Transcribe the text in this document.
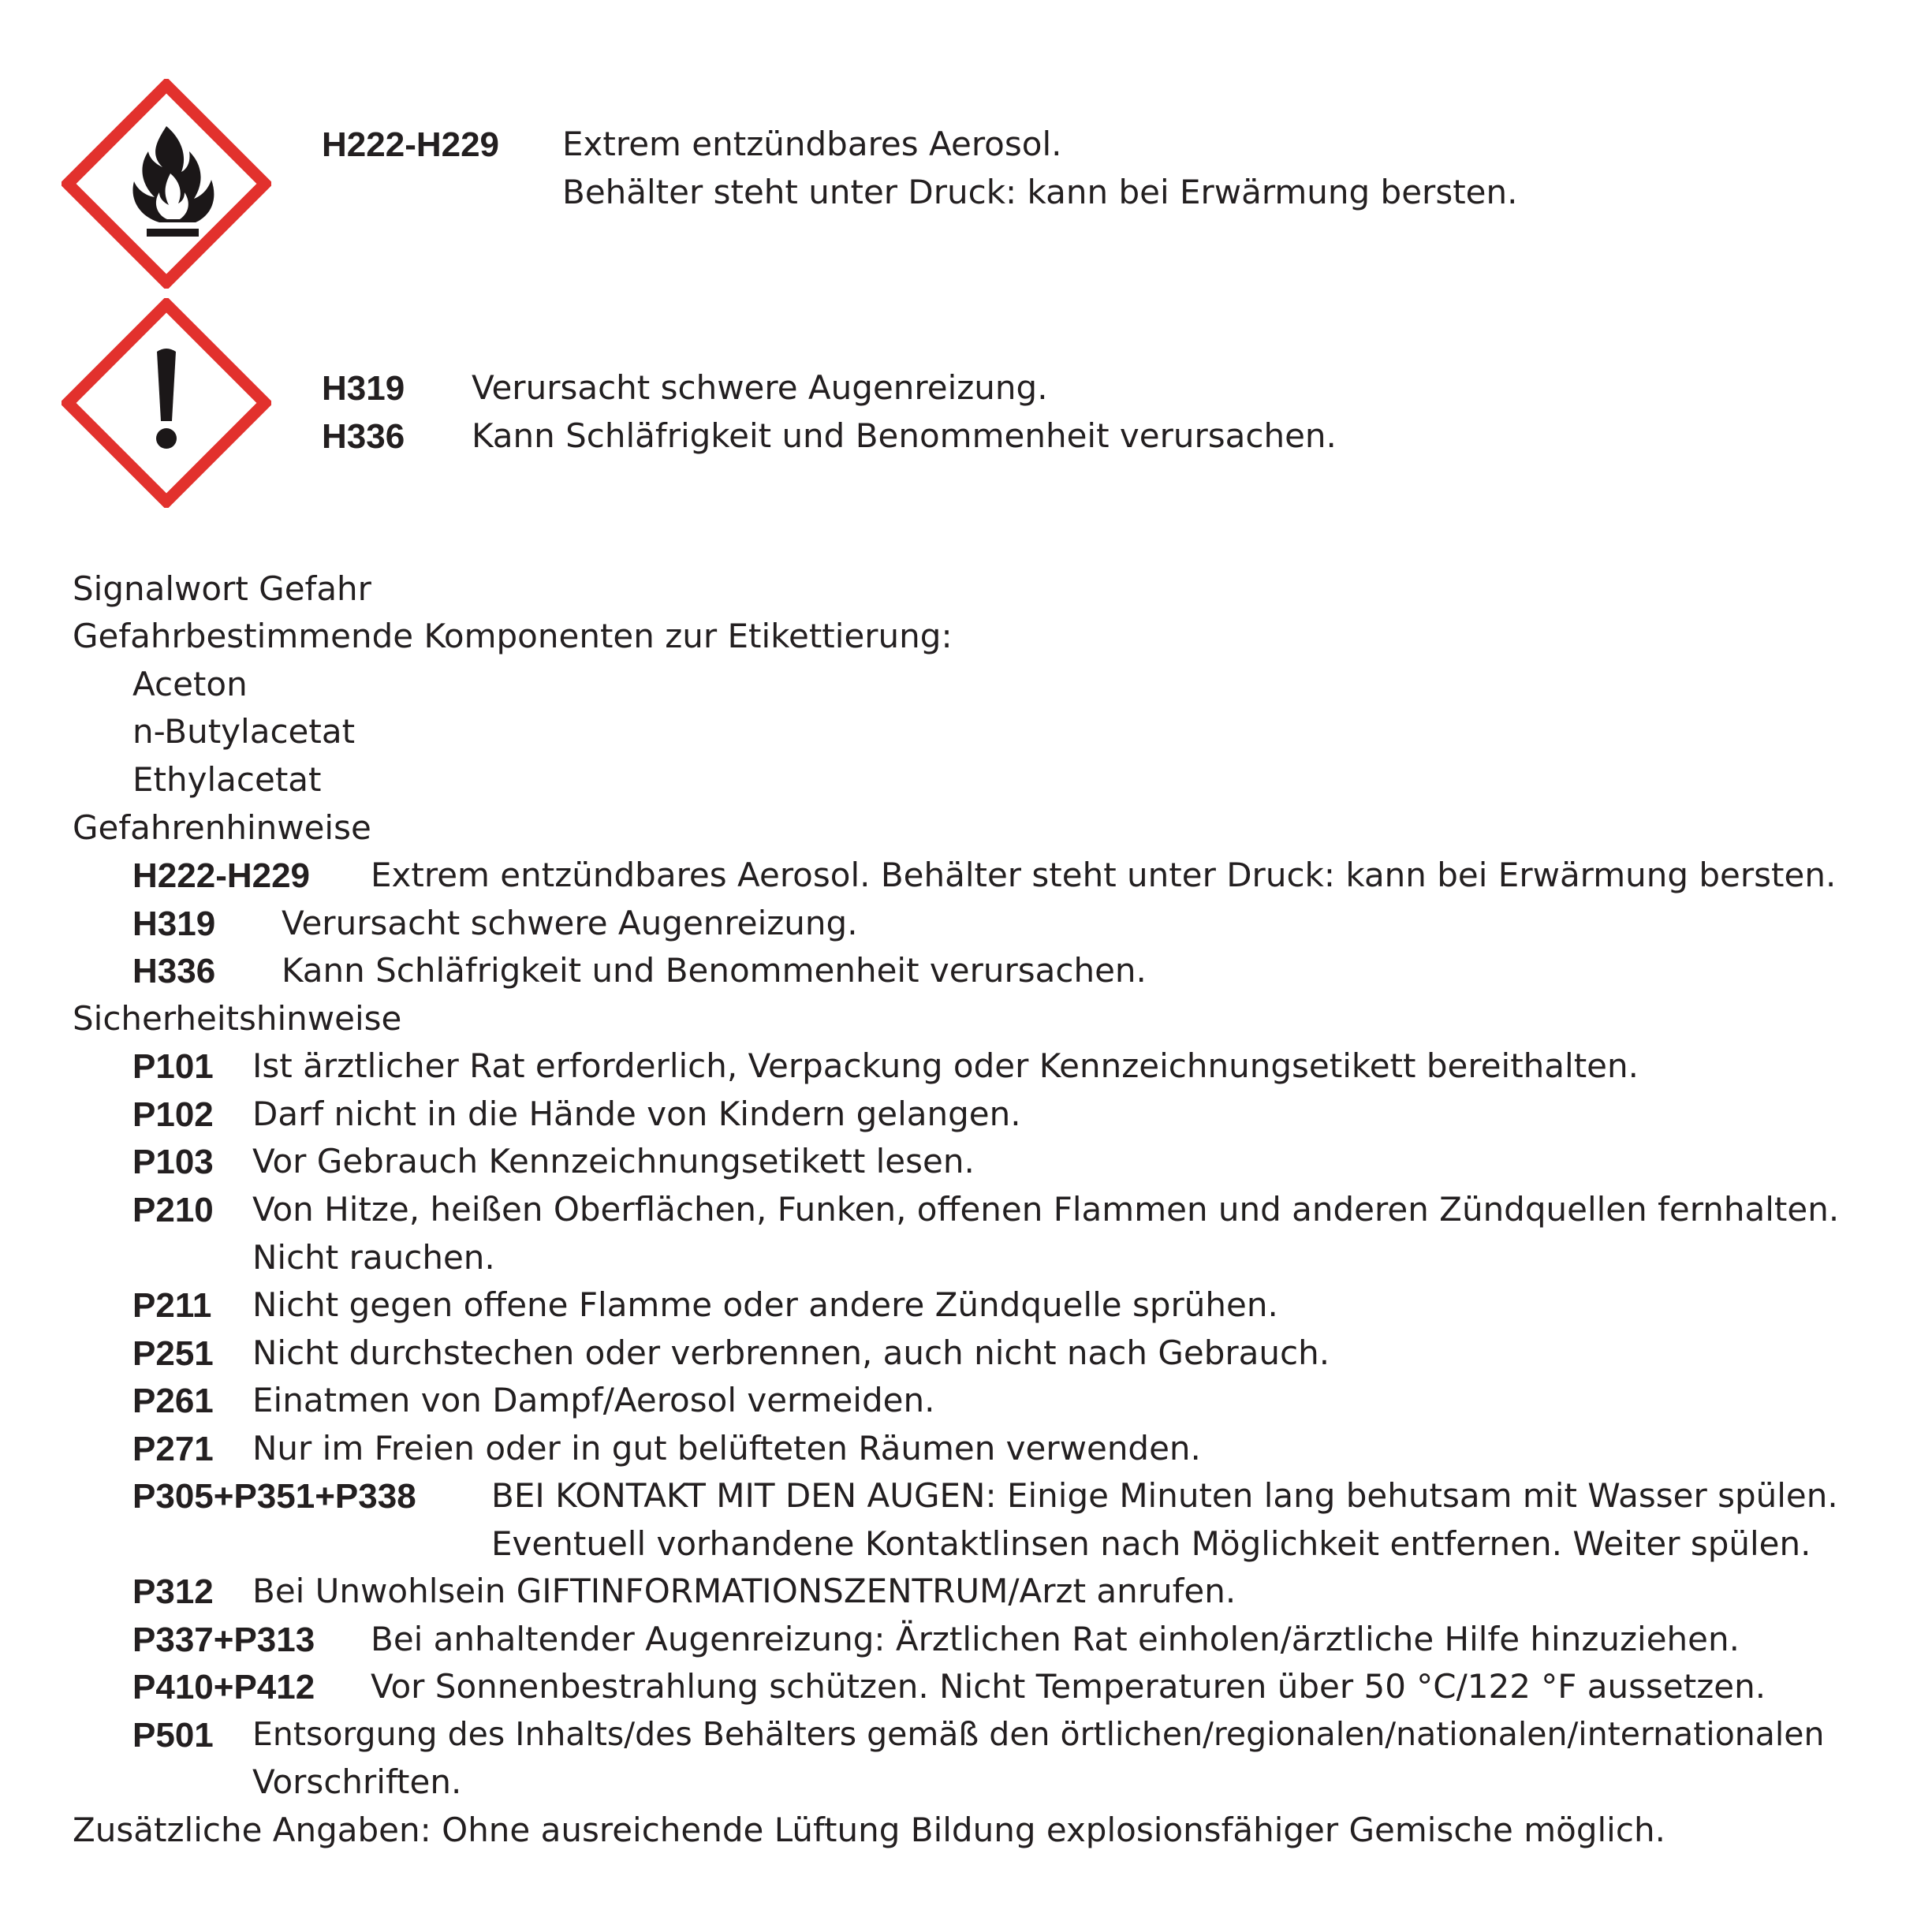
H222-H229 Extrem entzündbares Aerosol.
Behälter steht unter Druck: kann bei Erwärmung bersten.
H319 Verursacht schwere Augenreizung.
H336 Kann Schläfrigkeit und Benommenheit verursachen.
Signalwort Gefahr
Gefahrbestimmende Komponenten zur Etikettierung:
Aceton
n-Butylacetat
Ethylacetat
Gefahrenhinweise
H222-H229 Extrem entzündbares Aerosol. Behälter steht unter Druck: kann bei Erwärmung bersten.
H319 Verursacht schwere Augenreizung.
H336 Kann Schläfrigkeit und Benommenheit verursachen.
Sicherheitshinweise
P101 Ist ärztlicher Rat erforderlich, Verpackung oder Kennzeichnungsetikett bereithalten.
P102 Darf nicht in die Hände von Kindern gelangen.
P103 Vor Gebrauch Kennzeichnungsetikett lesen.
P210 Von Hitze, heißen Oberflächen, Funken, offenen Flammen und anderen Zündquellen fernhalten.
Nicht rauchen.
P211 Nicht gegen offene Flamme oder andere Zündquelle sprühen.
P251 Nicht durchstechen oder verbrennen, auch nicht nach Gebrauch.
P261 Einatmen von Dampf/Aerosol vermeiden.
P271 Nur im Freien oder in gut belüfteten Räumen verwenden.
P305+P351+P338 BEI KONTAKT MIT DEN AUGEN: Einige Minuten lang behutsam mit Wasser spülen.
Eventuell vorhandene Kontaktlinsen nach Möglichkeit entfernen. Weiter spülen.
P312 Bei Unwohlsein GIFTINFORMATIONSZENTRUM/Arzt anrufen.
P337+P313 Bei anhaltender Augenreizung: Ärztlichen Rat einholen/ärztliche Hilfe hinzuziehen.
P410+P412 Vor Sonnenbestrahlung schützen. Nicht Temperaturen über 50 °C/122 °F aussetzen.
P501 Entsorgung des Inhalts/des Behälters gemäß den örtlichen/regionalen/nationalen/internationalen
Vorschriften.
Zusätzliche Angaben: Ohne ausreichende Lüftung Bildung explosionsfähiger Gemische möglich.
